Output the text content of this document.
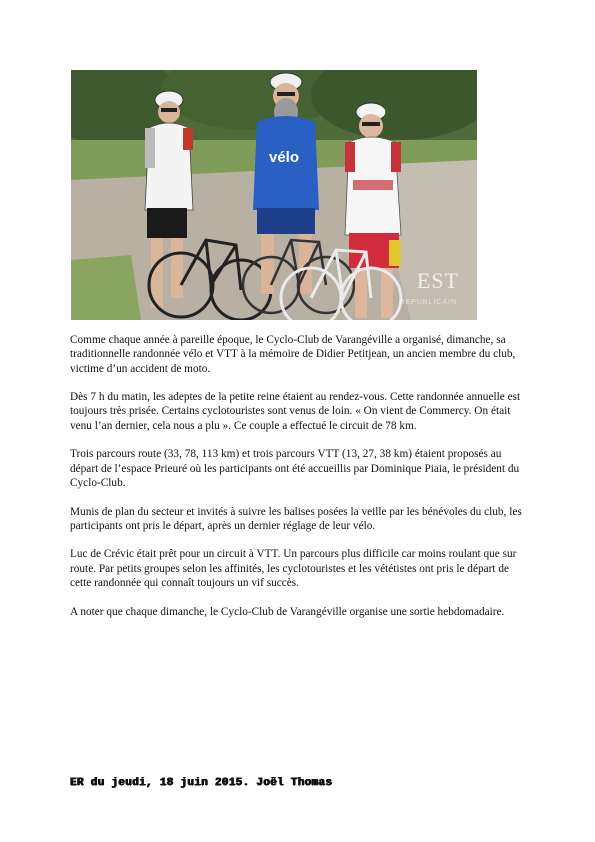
vélo
EST
REPUBLICAIN

Comme chaque année à pareille époque, le Cyclo-Club de Varangéville a organisé, dimanche, sa traditionnelle randonnée vélo et VTT à la mémoire de Didier Petitjean, un ancien membre du club, victime d’un accident de moto.

Dès 7 h du matin, les adeptes de la petite reine étaient au rendez-vous. Cette randonnée annuelle est toujours très prisée. Certains cyclotouristes sont venus de loin. « On vient de Commercy. On était venu l’an dernier, cela nous a plu ». Ce couple a effectué le circuit de 78 km.

Trois parcours route (33, 78, 113 km) et trois parcours VTT (13, 27, 38 km) étaient proposés au départ de l’espace Prieuré où les participants ont été accueillis par Dominique Piaia, le président du Cyclo-Club.

Munis de plan du secteur et invités à suivre les balises posées la veille par les bénévoles du club, les participants ont pris le départ, après un dernier réglage de leur vélo.

Luc de Crévic était prêt pour un circuit à VTT. Un parcours plus difficile car moins roulant que sur route. Par petits groupes selon les affinités, les cyclotouristes et les vététistes ont pris le départ de cette randonnée qui connaît toujours un vif succès.

A noter que chaque dimanche, le Cyclo-Club de Varangéville organise une sortie hebdomadaire.

ER du jeudi, 18 juin 2015. Joël Thomas
